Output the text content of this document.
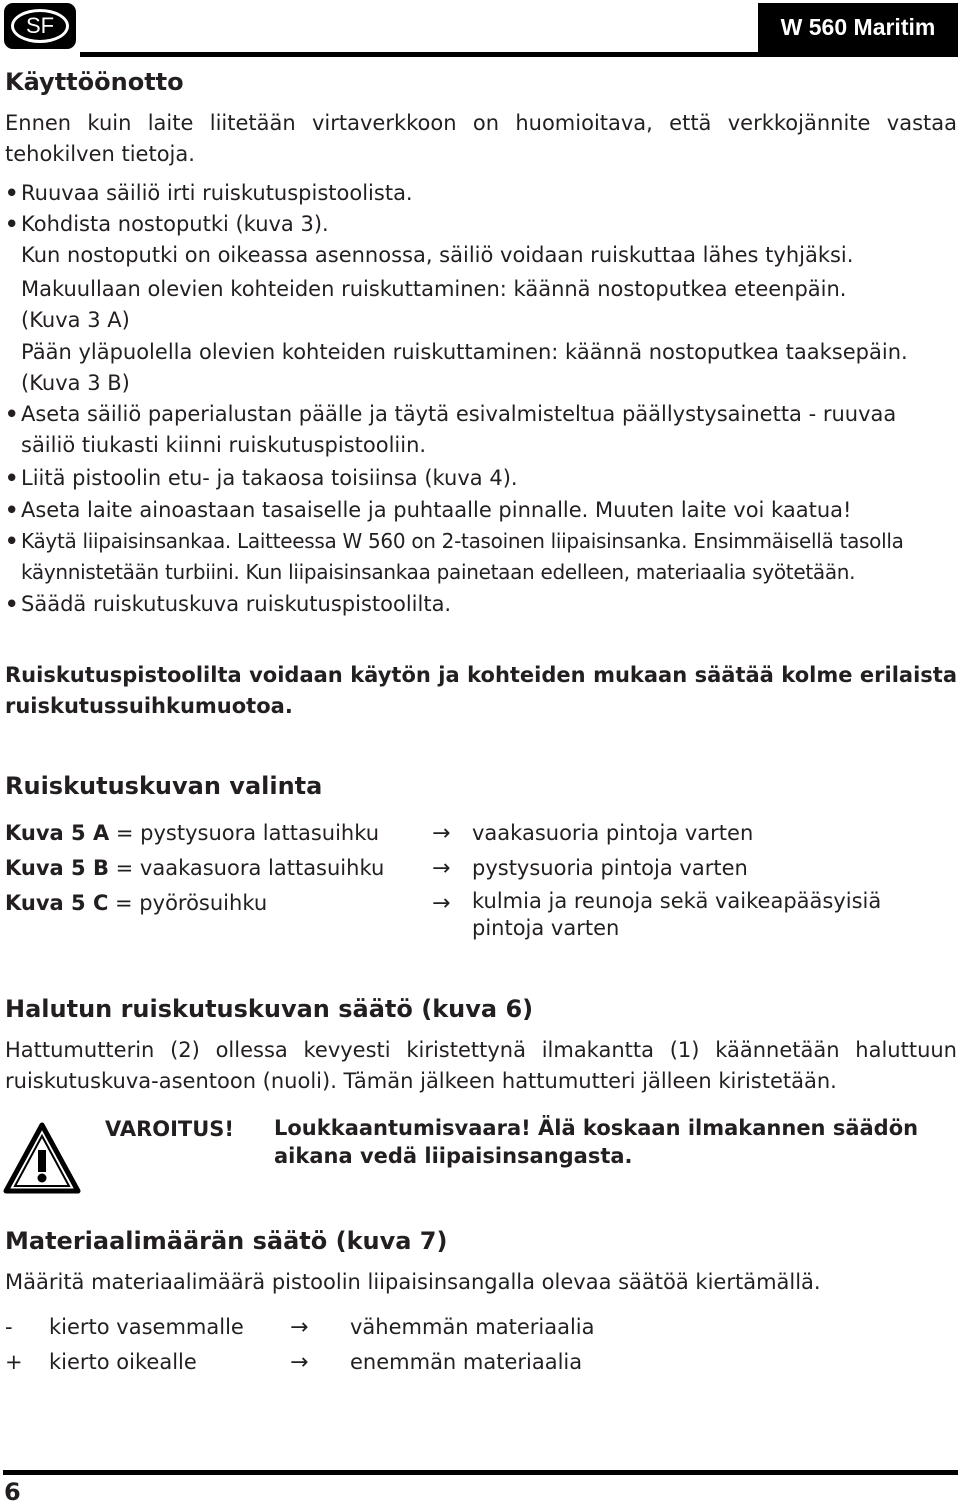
SF	W 560 Maritim
Käyttöönotto
Ennen kuin laite liitetään virtaverkkoon on huomioitava, että verkkojännite vastaa tehokilven tietoja.
• Ruuvaa säiliö irti ruiskutuspistoolista.
• Kohdista nostoputki (kuva 3).
Kun nostoputki on oikeassa asennossa, säiliö voidaan ruiskuttaa lähes tyhjäksi.
Makuullaan olevien kohteiden ruiskuttaminen: käännä nostoputkea eteenpäin.
(Kuva 3 A)
Pään yläpuolella olevien kohteiden ruiskuttaminen: käännä nostoputkea taaksepäin.
(Kuva 3 B)
• Aseta säiliö paperialustan päälle ja täytä esivalmisteltua päällystysainetta - ruuvaa säiliö tiukasti kiinni ruiskutuspistooliin.
• Liitä pistoolin etu- ja takaosa toisiinsa (kuva 4).
• Aseta laite ainoastaan tasaiselle ja puhtaalle pinnalle. Muuten laite voi kaatua!
• Käytä liipaisinsankaa. Laitteessa W 560 on 2-tasoinen liipaisinsanka. Ensimmäisellä tasolla käynnistetään turbiini. Kun liipaisinsankaa painetaan edelleen, materiaalia syötetään.
• Säädä ruiskutuskuva ruiskutuspistoolilta.
Ruiskutuspistoolilta voidaan käytön ja kohteiden mukaan säätää kolme erilaista ruiskutussuihkumuotoa.
Ruiskutuskuvan valinta
Kuva 5 A = pystysuora lattasuihku → vaakasuoria pintoja varten
Kuva 5 B = vaakasuora lattasuihku → pystysuoria pintoja varten
Kuva 5 C = pyörösuihku	→ kulmia ja reunoja sekä vaikeapääsyisiä pintoja varten
Halutun ruiskutuskuvan säätö (kuva 6)
Hattumutterin (2) ollessa kevyesti kiristettynä ilmakantta (1) käännetään haluttuun ruiskutuskuva-asentoon (nuoli). Tämän jälkeen hattumutteri jälleen kiristetään.
VAROITUS! Loukkaantumisvaara! Älä koskaan ilmakannen säädön aikana vedä liipaisinsangasta.
Materiaalimäärän säätö (kuva 7)
Määritä materiaalimäärä pistoolin liipaisinsangalla olevaa säätöä kiertämällä.
- kierto vasemmalle → vähemmän materiaalia
+ kierto oikealle	→ enemmän materiaalia
6
